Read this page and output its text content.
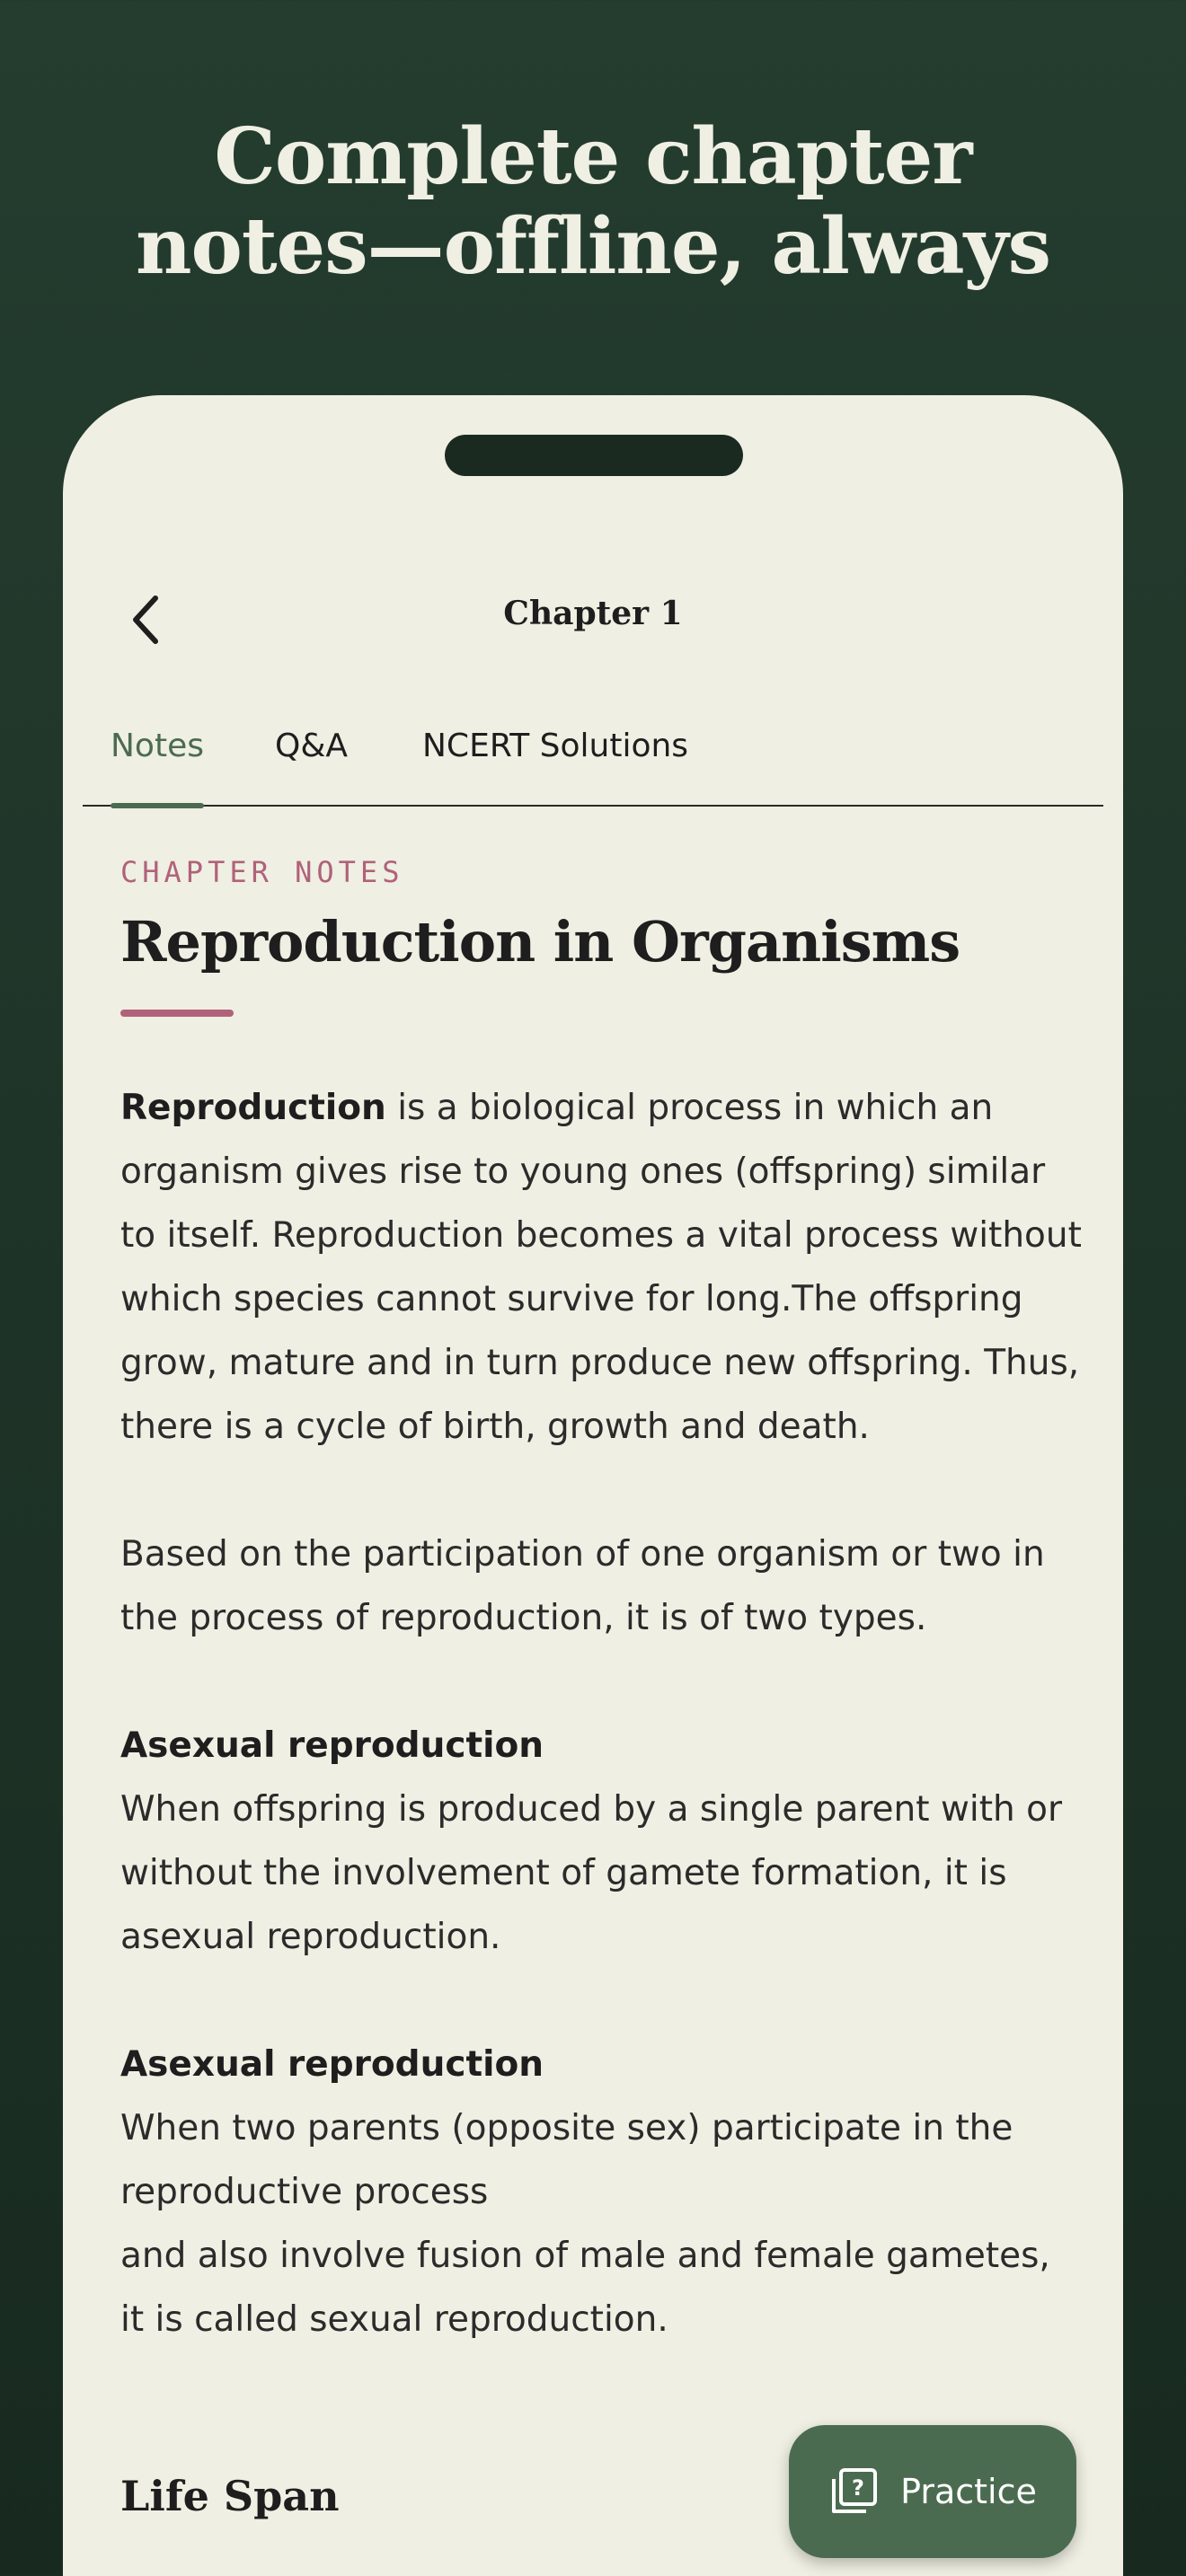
Complete chapter
notes—offline, always
Chapter 1
Notes Q&A NCERT Solutions
CHAPTER NOTES
Reproduction in Organisms

Reproduction is a biological process in which an organism gives rise to young ones (offspring) similar to itself. Reproduction becomes a vital process without which species cannot survive for long.The offspring grow, mature and in turn produce new offspring. Thus, there is a cycle of birth, growth and death.

Based on the participation of one organism or two in the process of reproduction, it is of two types.

Asexual reproduction
When offspring is produced by a single parent with or without the involvement of gamete formation, it is asexual reproduction.

Asexual reproduction
When two parents (opposite sex) participate in the reproductive process
and also involve fusion of male and female gametes, it is called sexual reproduction.

Life Span	? Practice
